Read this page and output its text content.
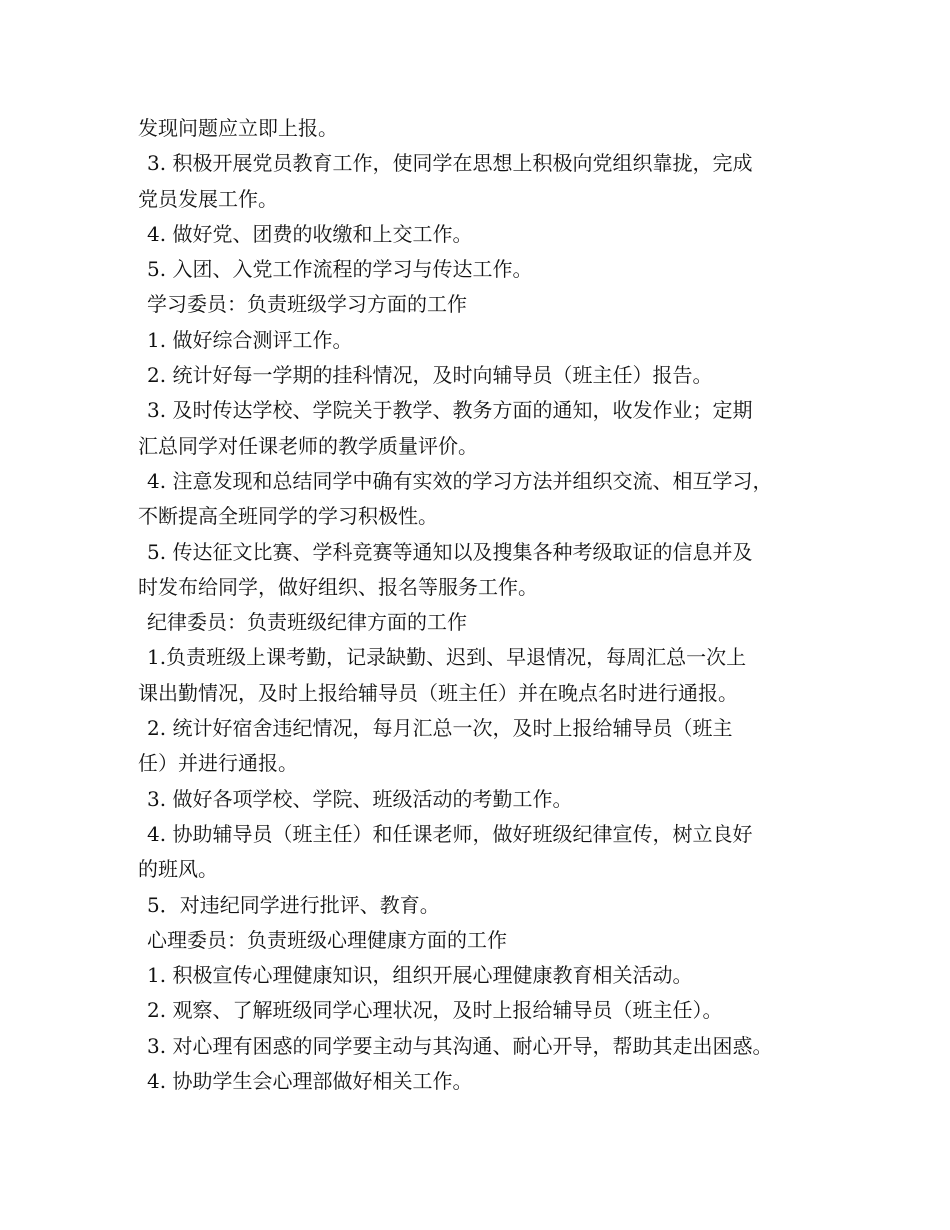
发现问题应立即上报。
3. 积极开展党员教育工作，使同学在思想上积极向党组织靠拢，完成
党员发展工作。
4. 做好党、团费的收缴和上交工作。
5. 入团、入党工作流程的学习与传达工作。
学习委员：负责班级学习方面的工作
1. 做好综合测评工作。
2. 统计好每一学期的挂科情况，及时向辅导员（班主任）报告。
3. 及时传达学校、学院关于教学、教务方面的通知，收发作业；定期
汇总同学对任课老师的教学质量评价。
4. 注意发现和总结同学中确有实效的学习方法并组织交流、相互学习，
不断提高全班同学的学习积极性。
5. 传达征文比赛、学科竞赛等通知以及搜集各种考级取证的信息并及
时发布给同学，做好组织、报名等服务工作。
纪律委员：负责班级纪律方面的工作
1.负责班级上课考勤，记录缺勤、迟到、早退情况，每周汇总一次上
课出勤情况，及时上报给辅导员（班主任）并在晚点名时进行通报。
2. 统计好宿舍违纪情况，每月汇总一次，及时上报给辅导员（班主
任）并进行通报。
3. 做好各项学校、学院、班级活动的考勤工作。
4. 协助辅导员（班主任）和任课老师，做好班级纪律宣传，树立良好
的班风。
5．对违纪同学进行批评、教育。
心理委员：负责班级心理健康方面的工作
1. 积极宣传心理健康知识，组织开展心理健康教育相关活动。
2. 观察、了解班级同学心理状况，及时上报给辅导员（班主任）。
3. 对心理有困惑的同学要主动与其沟通、耐心开导，帮助其走出困惑。
4. 协助学生会心理部做好相关工作。
